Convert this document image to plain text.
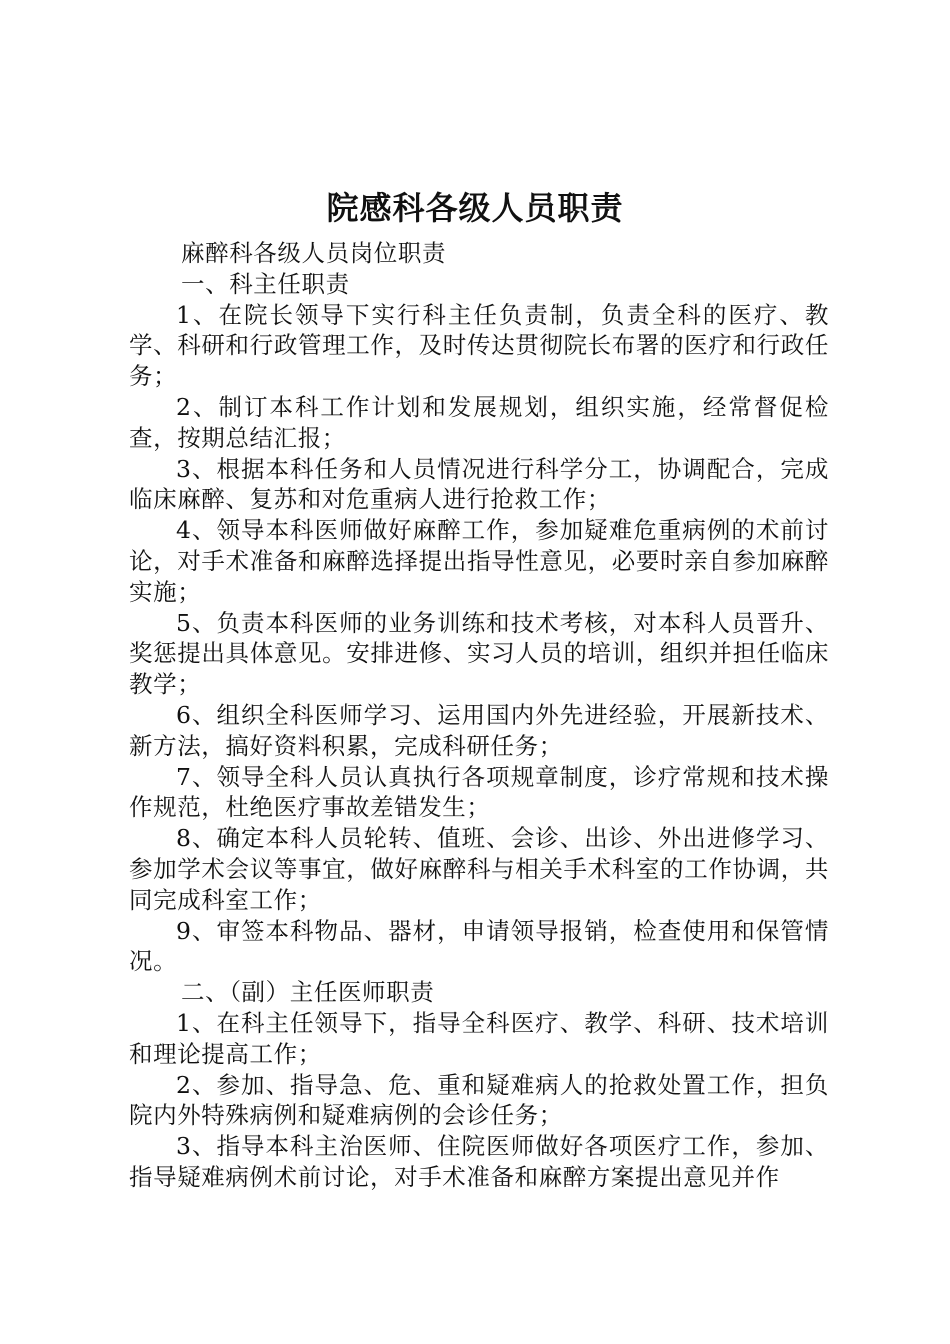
院感科各级人员职责

麻醉科各级人员岗位职责

一、科主任职责

1、在院长领导下实行科主任负责制，负责全科的医疗、教学、科研和行政管理工作，及时传达贯彻院长布署的医疗和行政任务；

2、制订本科工作计划和发展规划，组织实施，经常督促检查，按期总结汇报；

3、根据本科任务和人员情况进行科学分工，协调配合，完成临床麻醉、复苏和对危重病人进行抢救工作；

4、领导本科医师做好麻醉工作，参加疑难危重病例的术前讨论，对手术准备和麻醉选择提出指导性意见，必要时亲自参加麻醉实施；

5、负责本科医师的业务训练和技术考核，对本科人员晋升、奖惩提出具体意见。安排进修、实习人员的培训，组织并担任临床教学；

6、组织全科医师学习、运用国内外先进经验，开展新技术、新方法，搞好资料积累，完成科研任务；

7、领导全科人员认真执行各项规章制度，诊疗常规和技术操作规范，杜绝医疗事故差错发生；

8、确定本科人员轮转、值班、会诊、出诊、外出进修学习、参加学术会议等事宜，做好麻醉科与相关手术科室的工作协调，共同完成科室工作；

9、审签本科物品、器材，申请领导报销，检查使用和保管情况。

二、（副）主任医师职责

1、在科主任领导下，指导全科医疗、教学、科研、技术培训和理论提高工作；

2、参加、指导急、危、重和疑难病人的抢救处置工作，担负院内外特殊病例和疑难病例的会诊任务；

3、指导本科主治医师、住院医师做好各项医疗工作，参加、指导疑难病例术前讨论，对手术准备和麻醉方案提出意见并作
